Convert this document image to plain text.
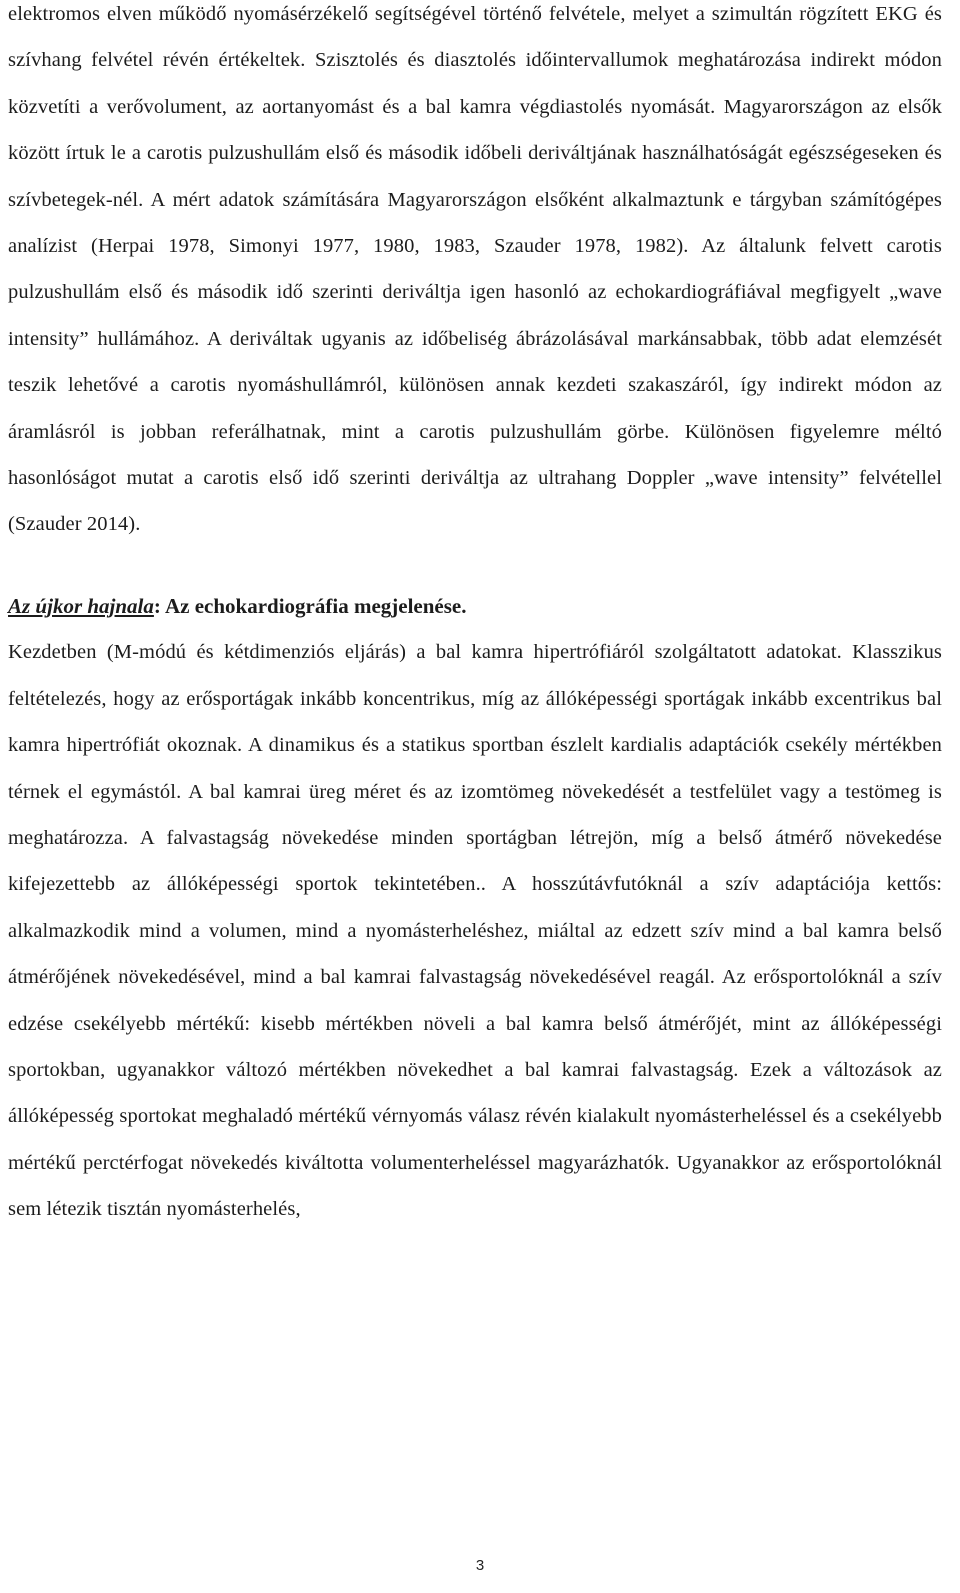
elektromos elven működő nyomásérzékelő segítségével történő felvétele, melyet a szimultán rögzített EKG és szívhang felvétel révén értékeltek. Szisztolés és diasztolés időintervallumok meghatározása indirekt módon közvetíti a verővolument, az aortanyomást és a bal kamra végdiastolés nyomását. Magyarországon az elsők között írtuk le a carotis pulzushullám első és második időbeli deriváltjának használhatóságát egészségeseken és szívbetegek-nél. A mért adatok számítására Magyarországon elsőként alkalmaztunk e tárgyban számítógépes analízist (Herpai 1978, Simonyi 1977, 1980, 1983, Szauder 1978, 1982). Az általunk felvett carotis pulzushullám első és második idő szerinti deriváltja igen hasonló az echokardiográfiával megfigyelt „wave intensity” hullámához. A deriváltak ugyanis az időbeliség ábrázolásával markánsabbak, több adat elemzését teszik lehetővé a carotis nyomáshullámról, különösen annak kezdeti szakaszáról, így indirekt módon az áramlásról is jobban referálhatnak, mint a carotis pulzushullám görbe. Különösen figyelemre méltó hasonlóságot mutat a carotis első idő szerinti deriváltja az ultrahang Doppler „wave intensity” felvétellel (Szauder 2014).

Az újkor hajnala: Az echokardiográfia megjelenése.

Kezdetben (M-módú és kétdimenziós eljárás) a bal kamra hipertrófiáról szolgáltatott adatokat. Klasszikus feltételezés, hogy az erősportágak inkább koncentrikus, míg az állóképességi sportágak inkább excentrikus bal kamra hipertrófiát okoznak. A dinamikus és a statikus sportban észlelt kardialis adaptációk csekély mértékben térnek el egymástól. A bal kamrai üreg méret és az izomtömeg növekedését a testfelület vagy a testömeg is meghatározza. A falvastagság növekedése minden sportágban létrejön, míg a belső átmérő növekedése kifejezettebb az állóképességi sportok tekintetében.. A hosszútávfutóknál a szív adaptációja kettős: alkalmazkodik mind a volumen, mind a nyomásterheléshez, miáltal az edzett szív mind a bal kamra belső átmérőjének növekedésével, mind a bal kamrai falvastagság növekedésével reagál. Az erősportolóknál a szív edzése csekélyebb mértékű: kisebb mértékben növeli a bal kamra belső átmérőjét, mint az állóképességi sportokban, ugyanakkor változó mértékben növekedhet a bal kamrai falvastagság. Ezek a változások az állóképesség sportokat meghaladó mértékű vérnyomás válasz révén kialakult nyomásterheléssel és a csekélyebb mértékű perctérfogat növekedés kiváltotta volumenterheléssel magyarázhatók. Ugyanakkor az erősportolóknál sem létezik tisztán nyomásterhelés,

3
